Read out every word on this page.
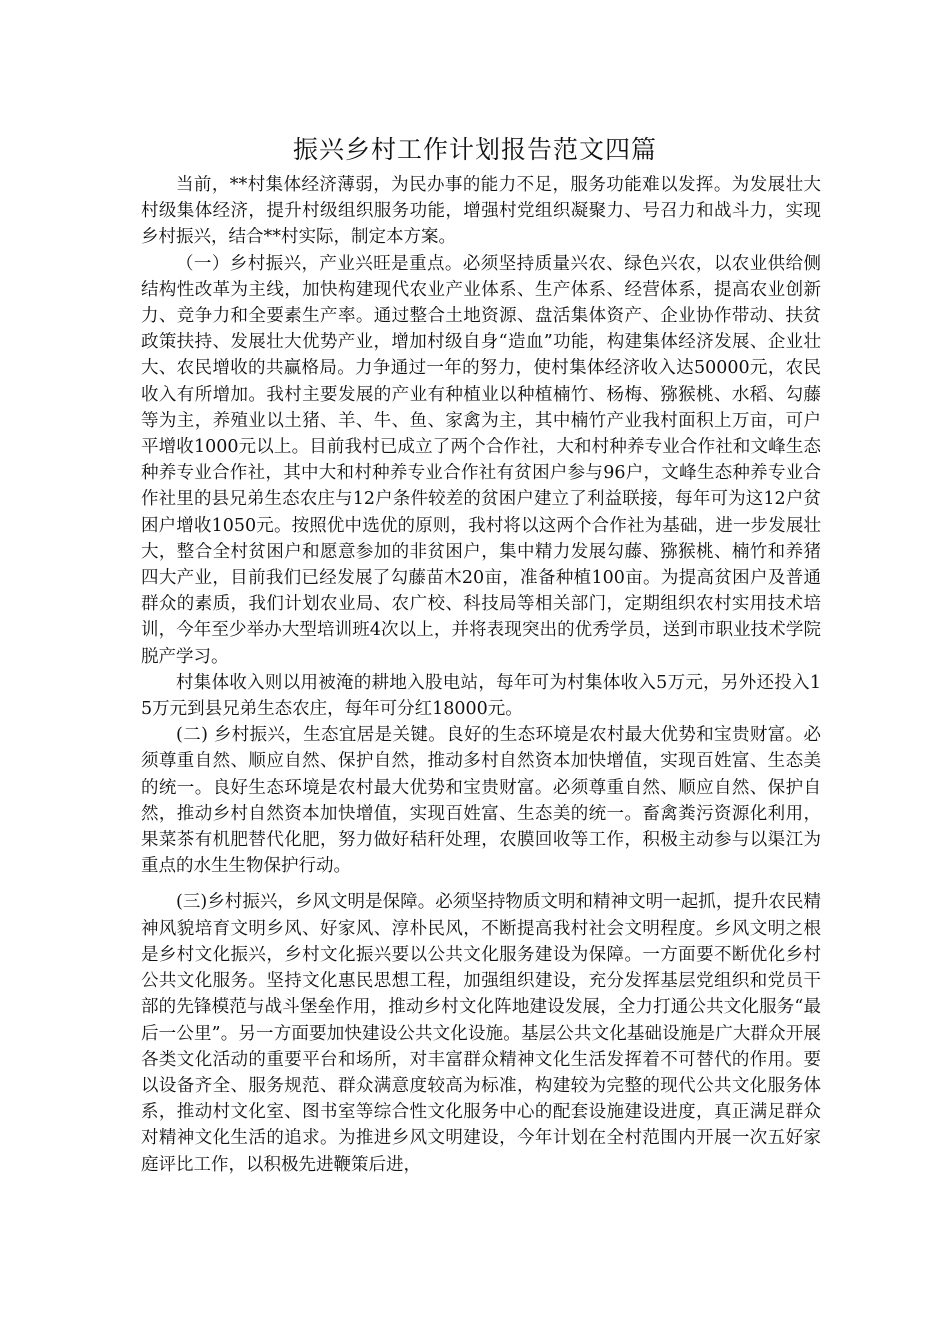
振兴乡村工作计划报告范文四篇

当前，**村集体经济薄弱，为民办事的能力不足，服务功能难以发挥。为发展壮大村级集体经济，提升村级组织服务功能，增强村党组织凝聚力、号召力和战斗力，实现乡村振兴，结合**村实际，制定本方案。

（一）乡村振兴，产业兴旺是重点。必须坚持质量兴农、绿色兴农，以农业供给侧结构性改革为主线，加快构建现代农业产业体系、生产体系、经营体系，提高农业创新力、竞争力和全要素生产率。通过整合土地资源、盘活集体资产、企业协作带动、扶贫政策扶持、发展壮大优势产业，增加村级自身“造血”功能，构建集体经济发展、企业壮大、农民增收的共赢格局。力争通过一年的努力，使村集体经济收入达50000元，农民收入有所增加。我村主要发展的产业有种植业以种植楠竹、杨梅、猕猴桃、水稻、勾藤等为主，养殖业以土猪、羊、牛、鱼、家禽为主，其中楠竹产业我村面积上万亩，可户平增收1000元以上。目前我村已成立了两个合作社，大和村种养专业合作社和文峰生态种养专业合作社，其中大和村种养专业合作社有贫困户参与96户，文峰生态种养专业合作社里的县兄弟生态农庄与12户条件较差的贫困户建立了利益联接，每年可为这12户贫困户增收1050元。按照优中选优的原则，我村将以这两个合作社为基础，进一步发展壮大，整合全村贫困户和愿意参加的非贫困户，集中精力发展勾藤、猕猴桃、楠竹和养猪四大产业，目前我们已经发展了勾藤苗木20亩，准备种植100亩。为提高贫困户及普通群众的素质，我们计划农业局、农广校、科技局等相关部门，定期组织农村实用技术培训，今年至少举办大型培训班4次以上，并将表现突出的优秀学员，送到市职业技术学院脱产学习。

村集体收入则以用被淹的耕地入股电站，每年可为村集体收入5万元，另外还投入15万元到县兄弟生态农庄，每年可分红18000元。

(二) 乡村振兴，生态宜居是关键。良好的生态环境是农村最大优势和宝贵财富。必须尊重自然、顺应自然、保护自然，推动多村自然资本加快增值，实现百姓富、生态美的统一。良好生态环境是农村最大优势和宝贵财富。必须尊重自然、顺应自然、保护自然，推动乡村自然资本加快增值，实现百姓富、生态美的统一。畜禽粪污资源化利用，果菜茶有机肥替代化肥，努力做好秸秆处理，农膜回收等工作，积极主动参与以渠江为重点的水生生物保护行动。

(三)乡村振兴，乡风文明是保障。必须坚持物质文明和精神文明一起抓，提升农民精神风貌培育文明乡风、好家风、淳朴民风，不断提高我村社会文明程度。乡风文明之根是乡村文化振兴，乡村文化振兴要以公共文化服务建设为保障。一方面要不断优化乡村公共文化服务。坚持文化惠民思想工程，加强组织建设，充分发挥基层党组织和党员干部的先锋模范与战斗堡垒作用，推动乡村文化阵地建设发展，全力打通公共文化服务“最后一公里”。另一方面要加快建设公共文化设施。基层公共文化基础设施是广大群众开展各类文化活动的重要平台和场所，对丰富群众精神文化生活发挥着不可替代的作用。要以设备齐全、服务规范、群众满意度较高为标准，构建较为完整的现代公共文化服务体系，推动村文化室、图书室等综合性文化服务中心的配套设施建设进度，真正满足群众对精神文化生活的追求。为推进乡风文明建设，今年计划在全村范围内开展一次五好家庭评比工作，以积极先进鞭策后进，
